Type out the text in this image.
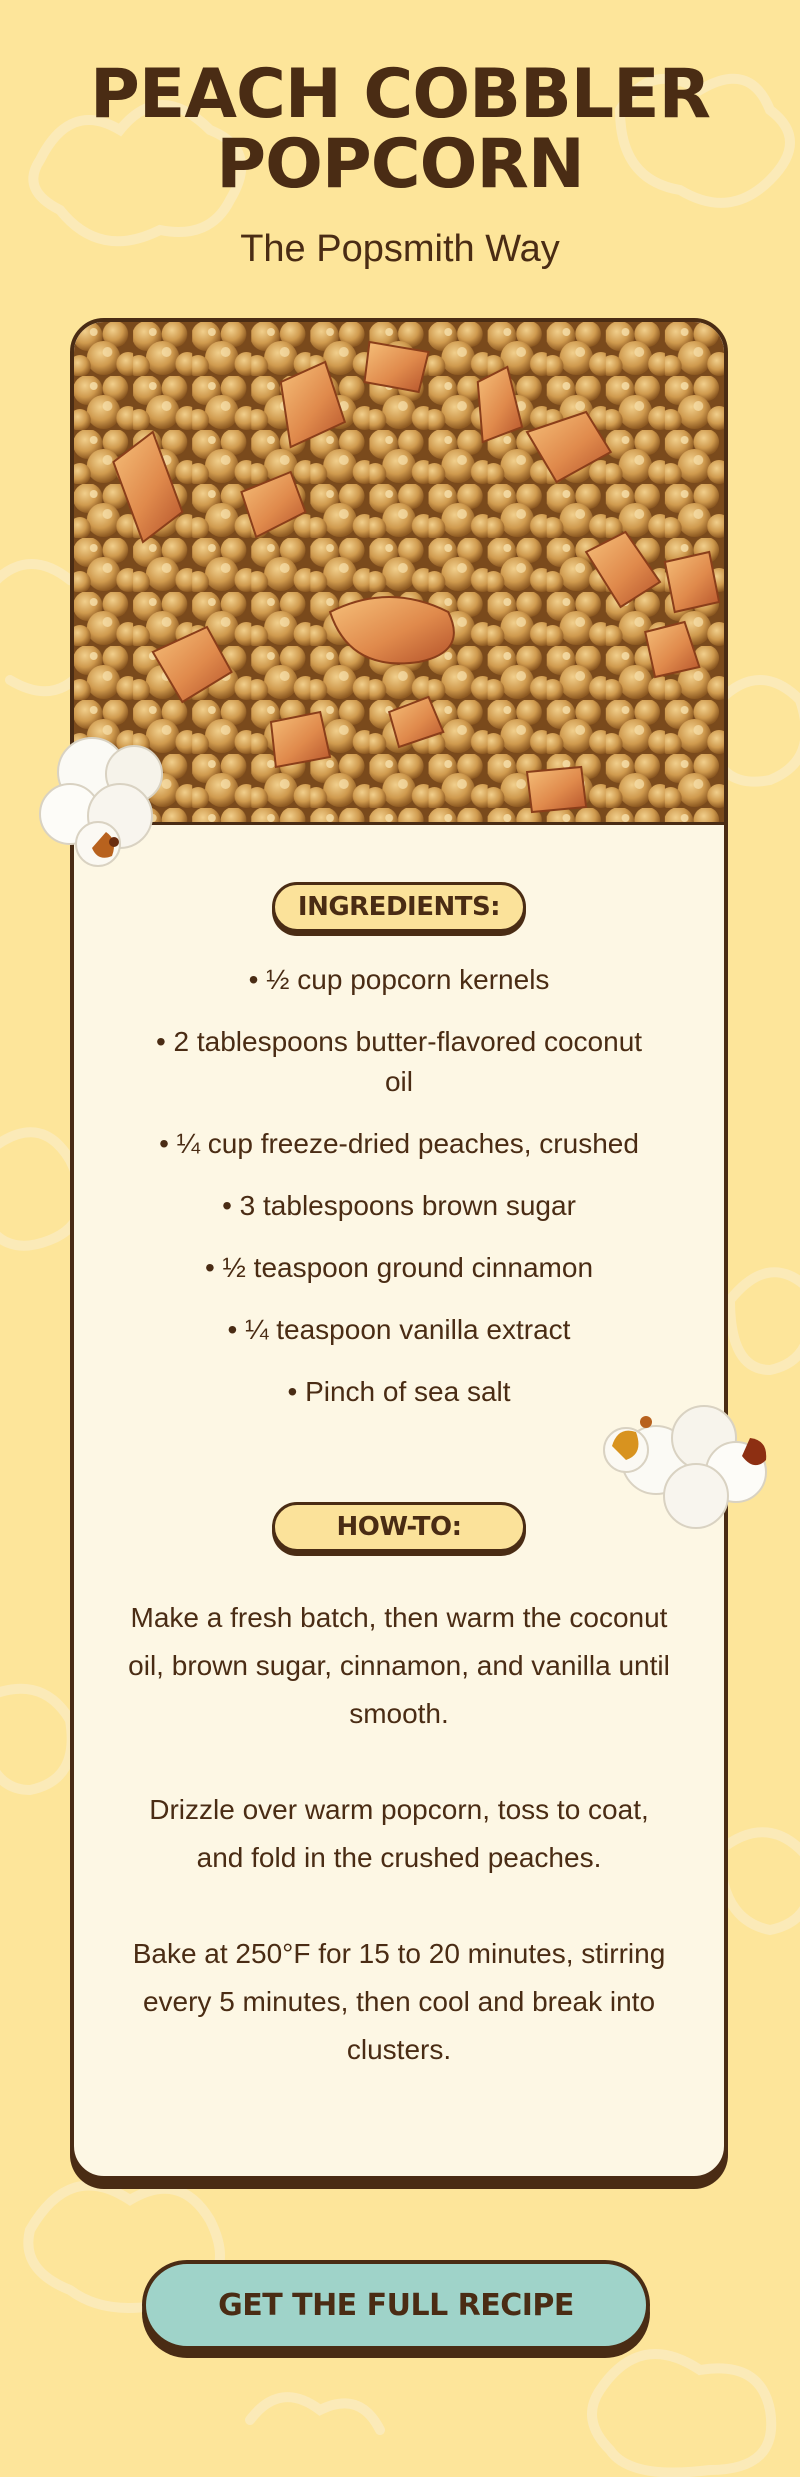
PEACH COBBLER POPCORN
The Popsmith Way
INGREDIENTS:
• ½ cup popcorn kernels
• 2 tablespoons butter-flavored coconut oil
• ¼ cup freeze-dried peaches, crushed
• 3 tablespoons brown sugar
• ½ teaspoon ground cinnamon
• ¼ teaspoon vanilla extract
• Pinch of sea salt
HOW-TO:

Make a fresh batch, then warm the coconut oil, brown sugar, cinnamon, and vanilla until smooth.

Drizzle over warm popcorn, toss to coat, and fold in the crushed peaches.

Bake at 250°F for 15 to 20 minutes, stirring every 5 minutes, then cool and break into clusters.

GET THE FULL RECIPE
